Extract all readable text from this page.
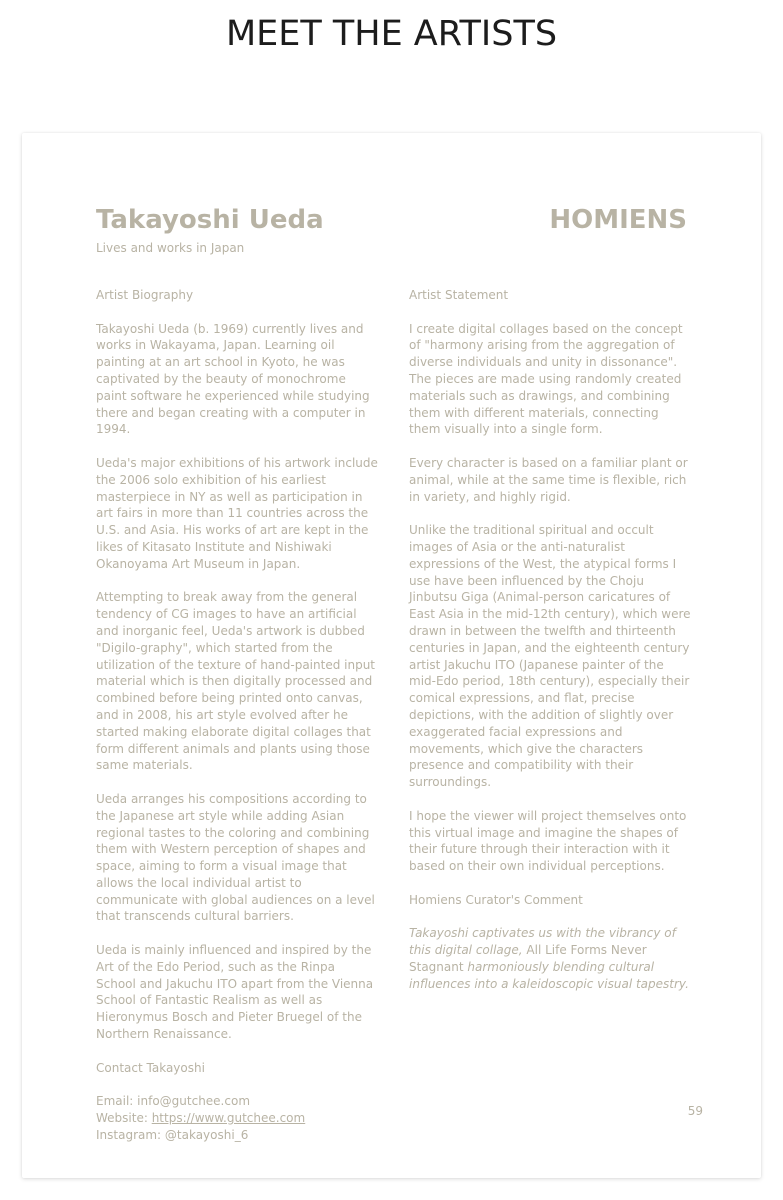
MEET THE ARTISTS
Takayoshi Ueda	HOMIENS
Lives and works in Japan

Artist Biography

Takayoshi Ueda (b. 1969) currently lives and works in Wakayama, Japan. Learning oil painting at an art school in Kyoto, he was captivated by the beauty of monochrome paint software he experienced while studying there and began creating with a computer in 1994.

Ueda's major exhibitions of his artwork include the 2006 solo exhibition of his earliest masterpiece in NY as well as participation in art fairs in more than 11 countries across the U.S. and Asia. His works of art are kept in the likes of Kitasato Institute and Nishiwaki Okanoyama Art Museum in Japan.

Attempting to break away from the general tendency of CG images to have an artificial and inorganic feel, Ueda's artwork is dubbed "Digilo-graphy", which started from the utilization of the texture of hand-painted input material which is then digitally processed and combined before being printed onto canvas, and in 2008, his art style evolved after he started making elaborate digital collages that form different animals and plants using those same materials.

Ueda arranges his compositions according to the Japanese art style while adding Asian regional tastes to the coloring and combining them with Western perception of shapes and space, aiming to form a visual image that allows the local individual artist to communicate with global audiences on a level that transcends cultural barriers.

Ueda is mainly influenced and inspired by the Art of the Edo Period, such as the Rinpa School and Jakuchu ITO apart from the Vienna School of Fantastic Realism as well as Hieronymus Bosch and Pieter Bruegel of the Northern Renaissance.

Contact Takayoshi

Email: info@gutchee.com
Website: https://www.gutchee.com
Instagram: @takayoshi_6

Artist Statement

I create digital collages based on the concept of "harmony arising from the aggregation of diverse individuals and unity in dissonance". The pieces are made using randomly created materials such as drawings, and combining them with different materials, connecting them visually into a single form.

Every character is based on a familiar plant or animal, while at the same time is flexible, rich in variety, and highly rigid.

Unlike the traditional spiritual and occult images of Asia or the anti-naturalist expressions of the West, the atypical forms I use have been influenced by the Choju Jinbutsu Giga (Animal-person caricatures of East Asia in the mid-12th century), which were drawn in between the twelfth and thirteenth centuries in Japan, and the eighteenth century artist Jakuchu ITO (Japanese painter of the mid-Edo period, 18th century), especially their comical expressions, and flat, precise depictions, with the addition of slightly over exaggerated facial expressions and movements, which give the characters presence and compatibility with their surroundings.

I hope the viewer will project themselves onto this virtual image and imagine the shapes of their future through their interaction with it based on their own individual perceptions.

Homiens Curator's Comment

Takayoshi captivates us with the vibrancy of this digital collage, All Life Forms Never Stagnant harmoniously blending cultural influences into a kaleidoscopic visual tapestry.

59
